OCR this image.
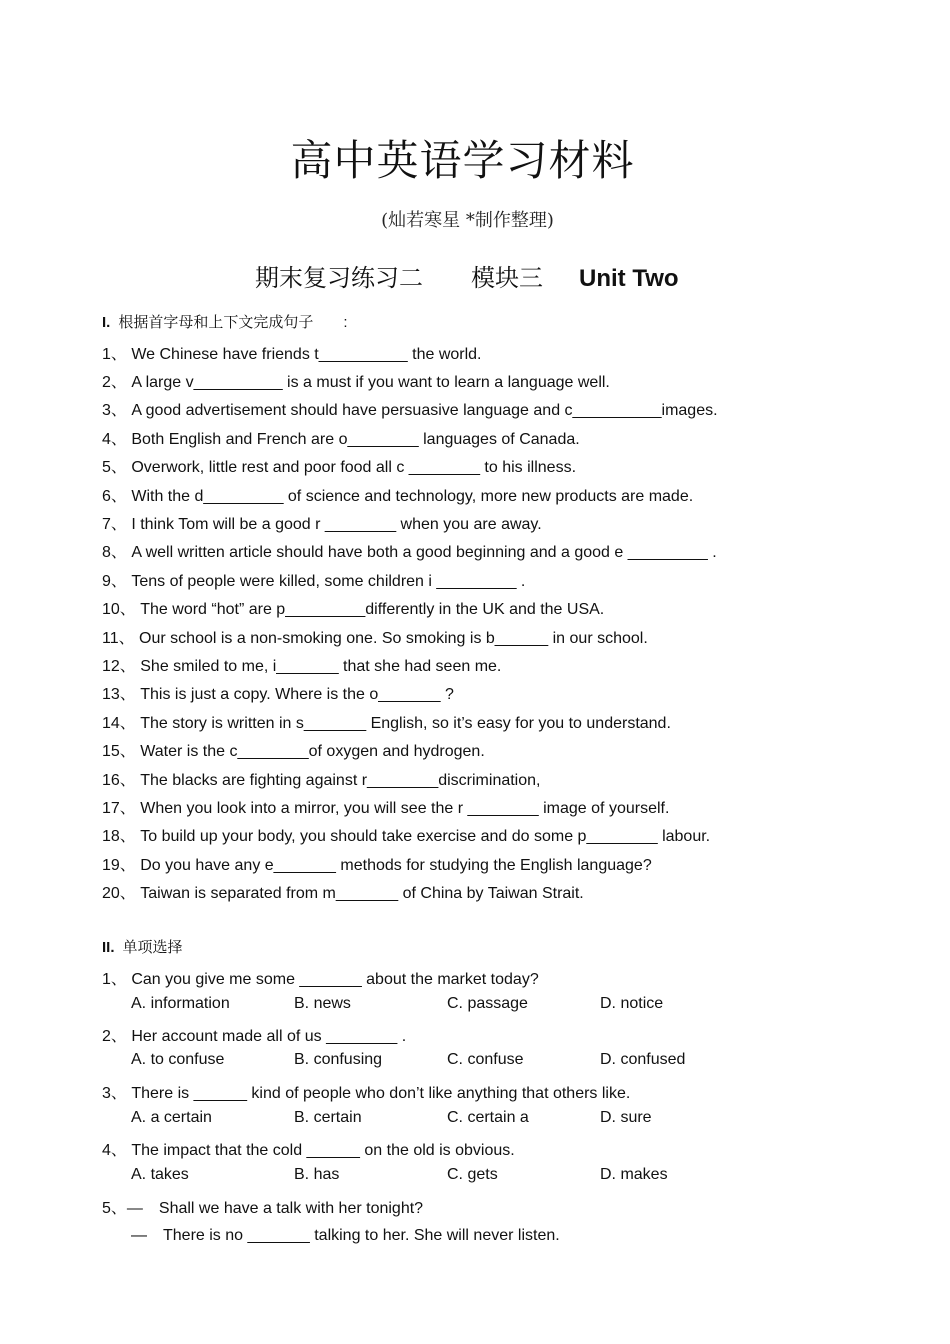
高中英语学习材料
(灿若寒星 *制作整理)
期末复习练习二 模块三 Unit Two
I. 根据首字母和上下文完成句子　　:
1、 We Chinese have friends t__________ the world.
2、 A large v__________ is a must if you want to learn a language well.
3、 A good advertisement should have persuasive language and c__________images.
4、 Both English and French are o________ languages of Canada.
5、 Overwork, little rest and poor food all c ________ to his illness.
6、 With the d_________ of science and technology, more new products are made.
7、 I think Tom will be a good r ________ when you are away.
8、 A well written article should have both a good beginning and a good e _________ .
9、 Tens of people were killed, some children i _________ .
10、 The word “hot” are p_________differently in the UK and the USA.
11、 Our school is a non-smoking one. So smoking is b______ in our school.
12、 She smiled to me, i_______ that she had seen me.
13、 This is just a copy. Where is the o_______ ?
14、 The story is written in s_______ English, so it’s easy for you to understand.
15、 Water is the c________of oxygen and hydrogen.
16、 The blacks are fighting against r________discrimination,
17、 When you look into a mirror, you will see the r ________ image of yourself.
18、 To build up your body, you should take exercise and do some p________ labour.
19、 Do you have any e_______ methods for studying the English language?
20、 Taiwan is separated from m_______ of China by Taiwan Strait.
II. 单项选择
1、 Can you give me some _______ about the market today?
A. information	B. news	C. passage	D. notice
2、 Her account made all of us ________ .
A. to confuse	B. confusing	C. confuse	D. confused
3、 There is ______ kind of people who don’t like anything that others like.
A. a certain	B. certain	C. certain a	D. sure
4、 The impact that the cold ______ on the old is obvious.
A. takes	B. has	C. gets	D. makes
5、—　Shall we have a talk with her tonight?
—　There is no _______ talking to her. She will never listen.
